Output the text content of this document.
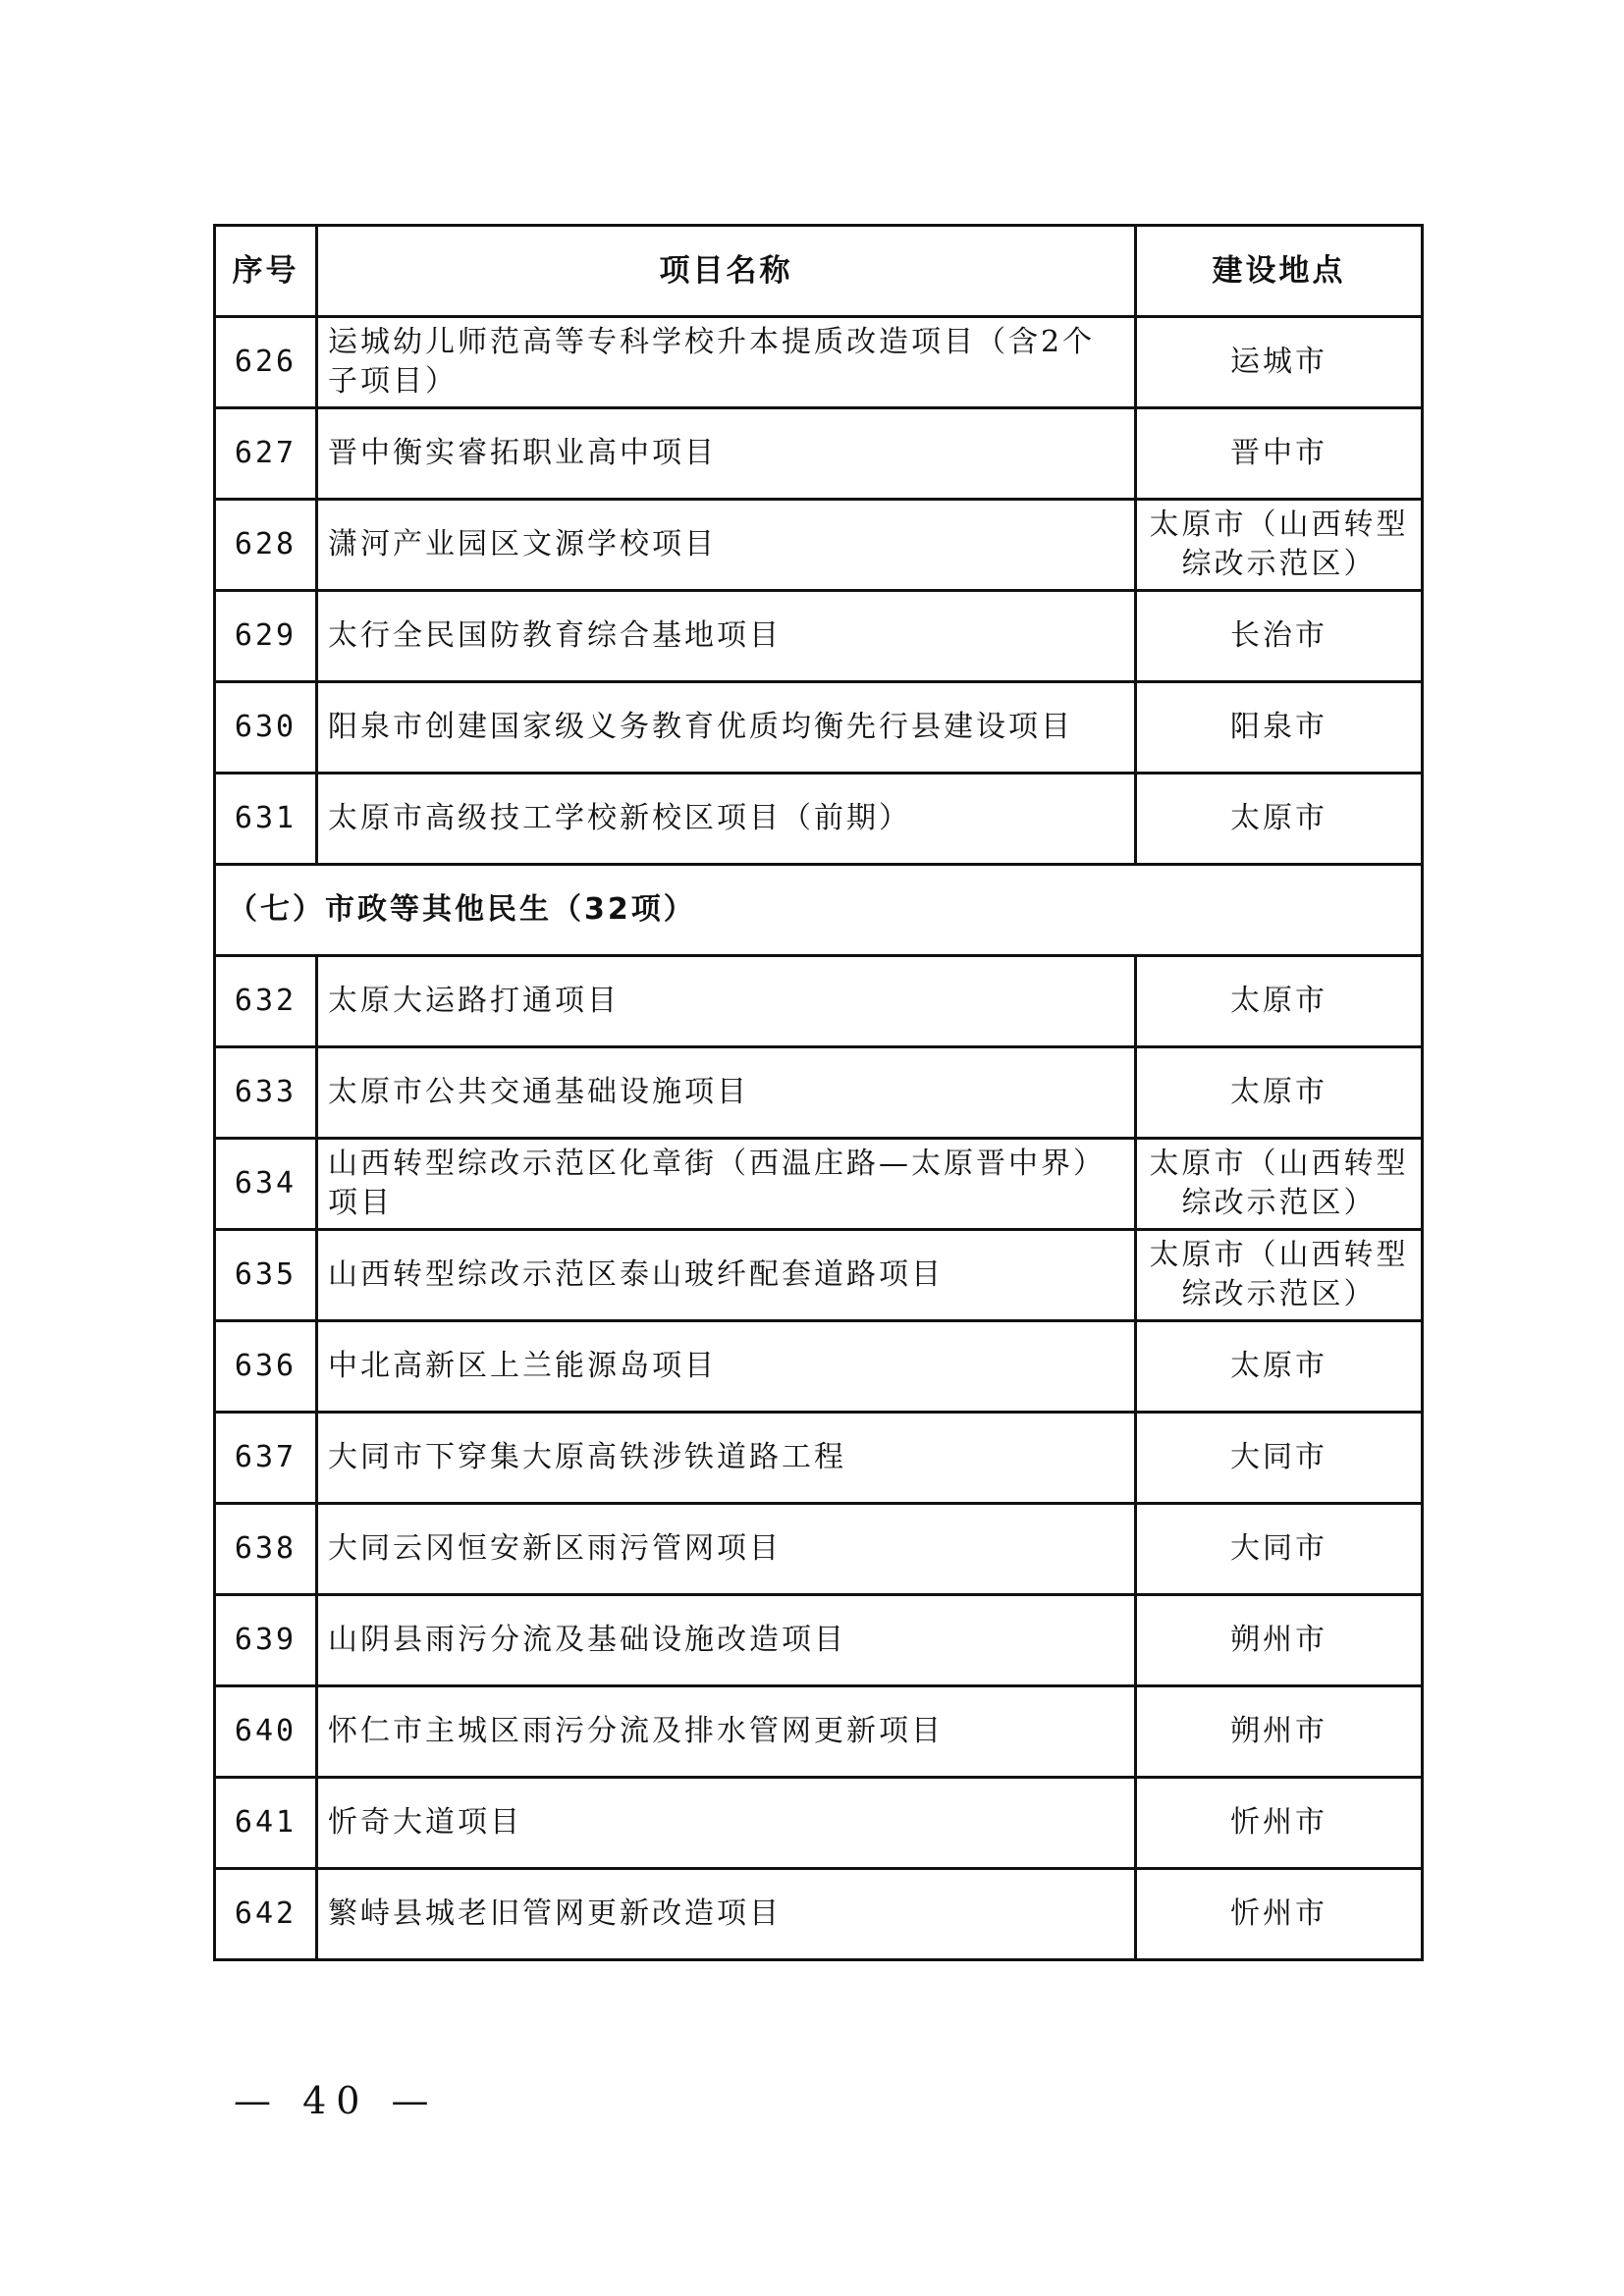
序号	项目名称	建设地点
626	运城幼儿师范高等专科学校升本提质改造项目（含2个子项目）	运城市
627	晋中衡实睿拓职业高中项目	晋中市
628	潇河产业园区文源学校项目	太原市（山西转型综改示范区）
629	太行全民国防教育综合基地项目	长治市
630	阳泉市创建国家级义务教育优质均衡先行县建设项目	阳泉市
631	太原市高级技工学校新校区项目（前期）	太原市
（七）市政等其他民生（32项）		
632	太原大运路打通项目	太原市
633	太原市公共交通基础设施项目	太原市
634	山西转型综改示范区化章街（西温庄路—太原晋中界）项目	太原市（山西转型综改示范区）
635	山西转型综改示范区泰山玻纤配套道路项目	太原市（山西转型综改示范区）
636	中北高新区上兰能源岛项目	太原市
637	大同市下穿集大原高铁涉铁道路工程	大同市
638	大同云冈恒安新区雨污管网项目	大同市
639	山阴县雨污分流及基础设施改造项目	朔州市
640	怀仁市主城区雨污分流及排水管网更新项目	朔州市
641	忻奇大道项目	忻州市
642	繁峙县城老旧管网更新改造项目	忻州市
— 40 —
